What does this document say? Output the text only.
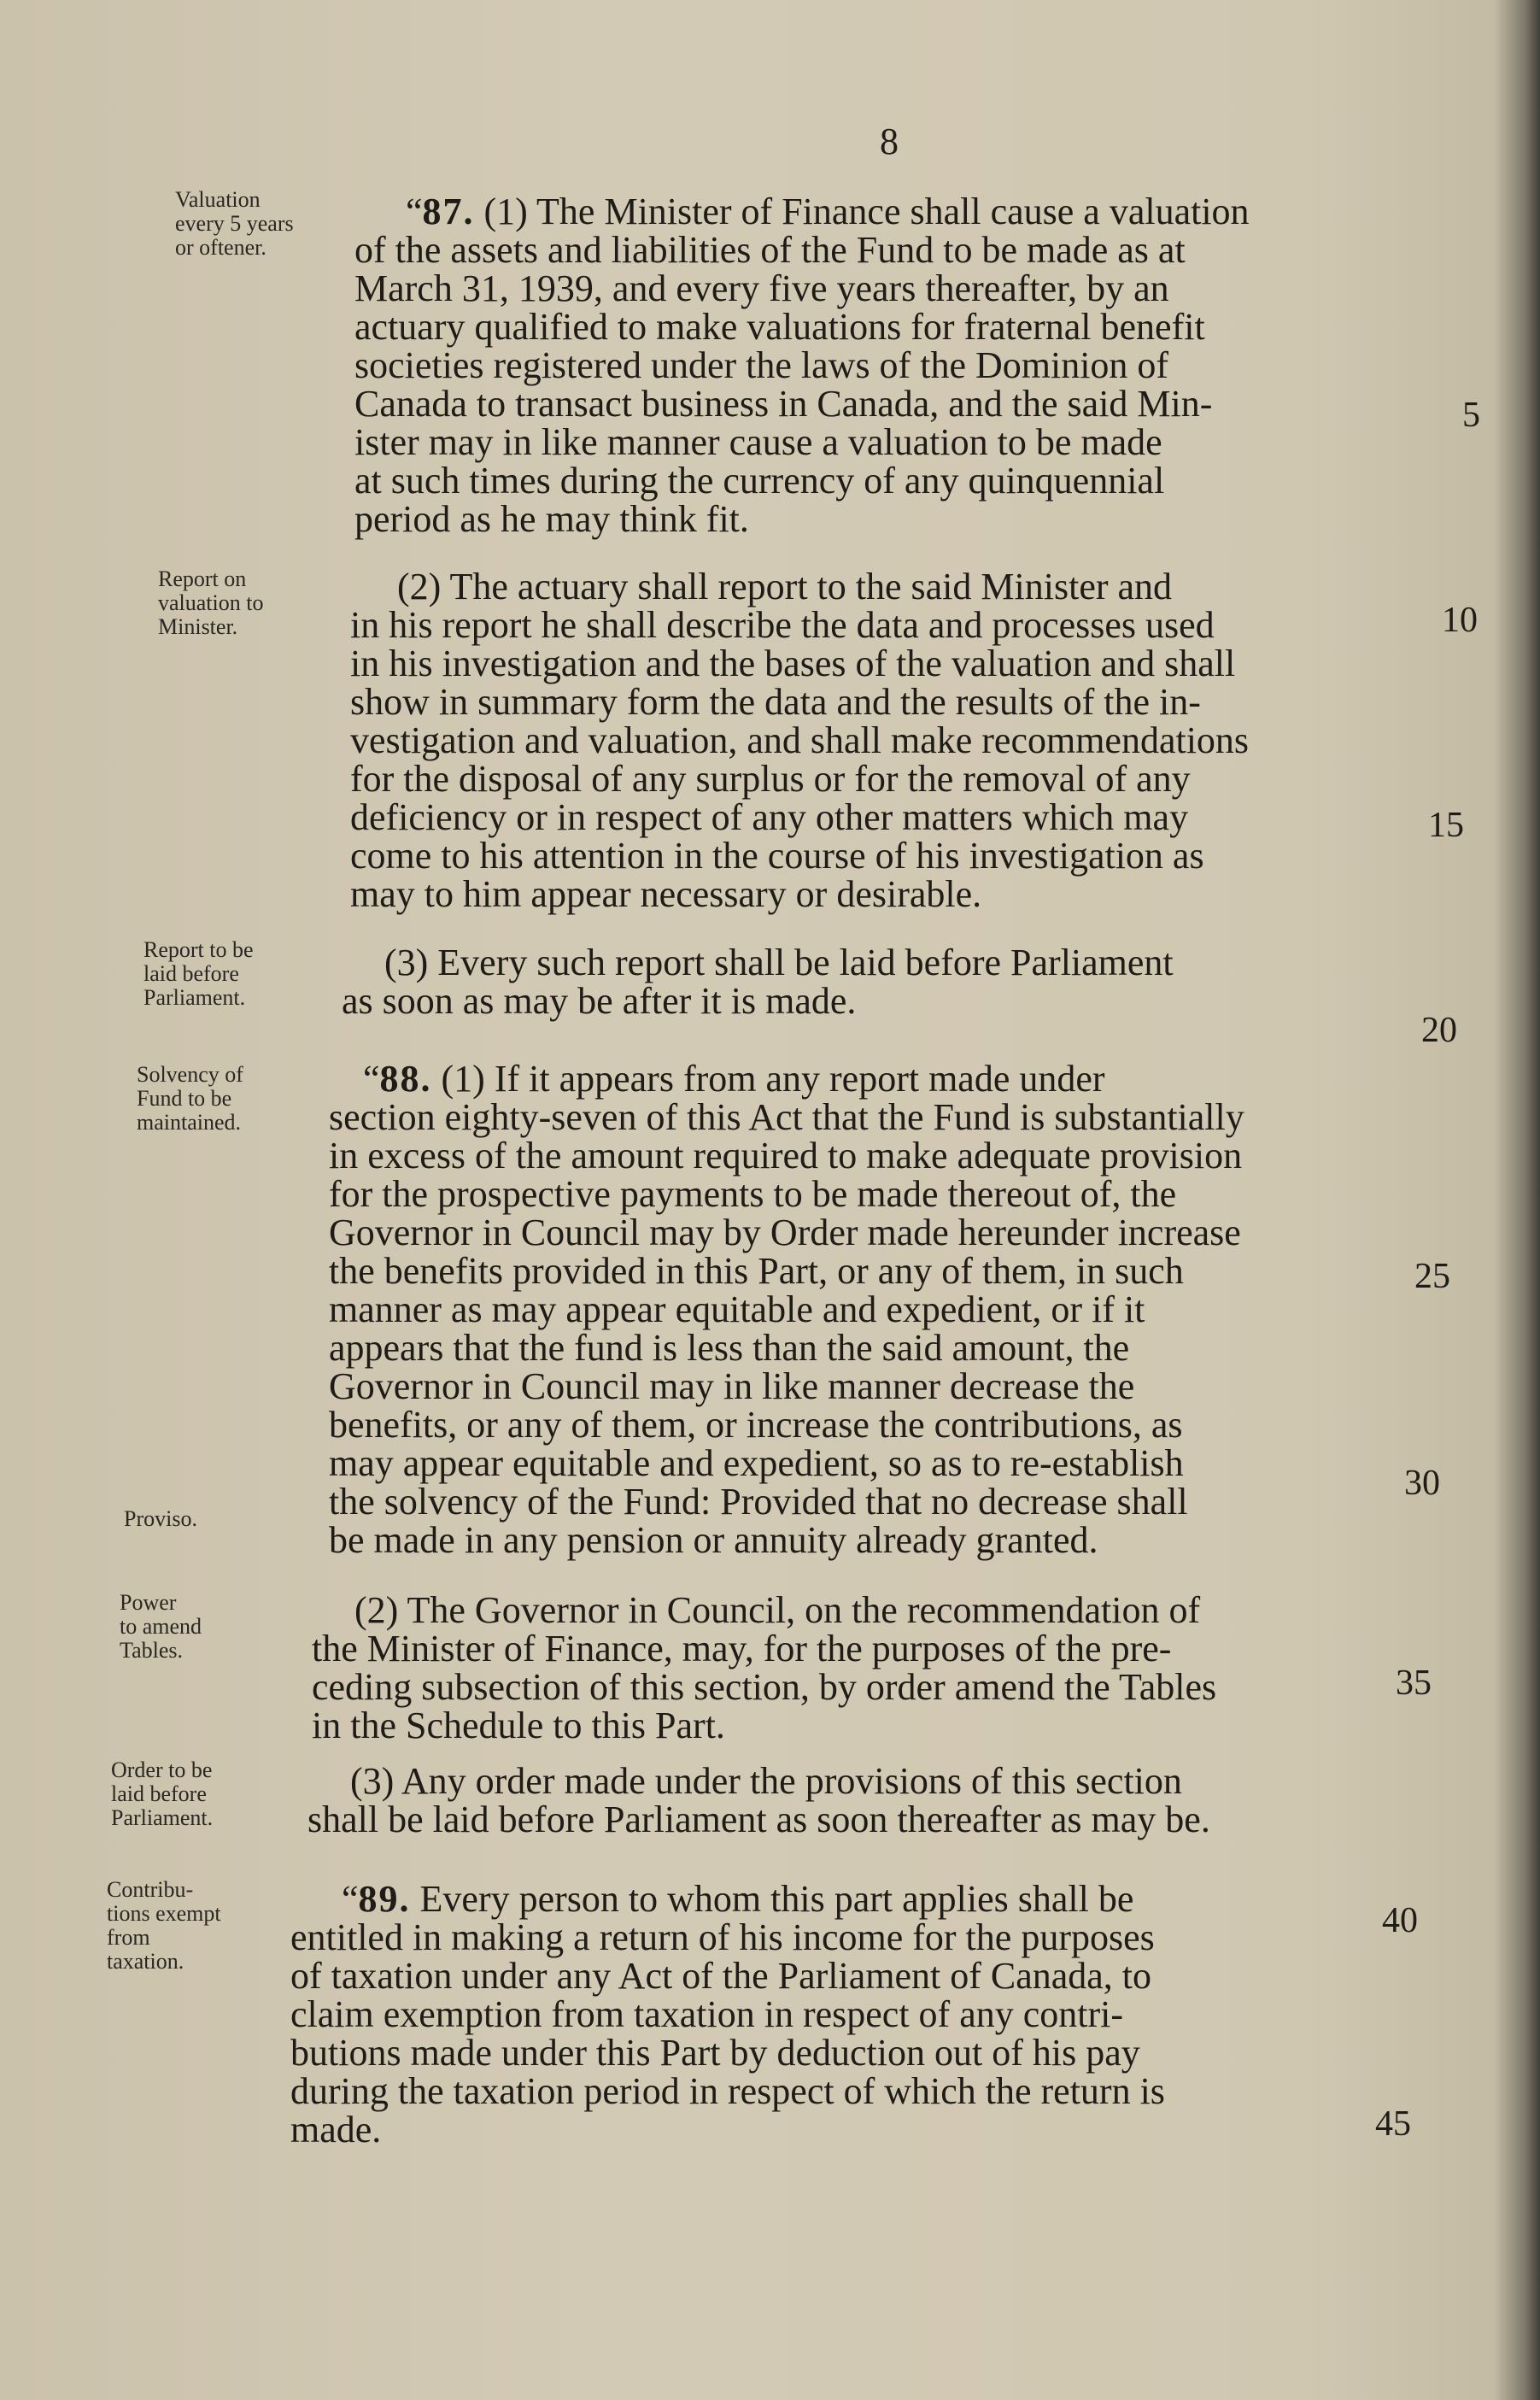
8
Valuation
every 5 years
or oftener.
Report on
valuation to
Minister.
Report to be
laid before
Parliament.
Solvency of
Fund to be
maintained.
Proviso.
Power
to amend
Tables.
Order to be
laid before
Parliament.
Contribu-
tions exempt
from
taxation.
“87. (1) The Minister of Finance shall cause a valuation
of the assets and liabilities of the Fund to be made as at
March 31, 1939, and every five years thereafter, by an
actuary qualified to make valuations for fraternal benefit
societies registered under the laws of the Dominion of
Canada to transact business in Canada, and the said Min-
ister may in like manner cause a valuation to be made
at such times during the currency of any quinquennial
period as he may think fit.
(2) The actuary shall report to the said Minister and
in his report he shall describe the data and processes used
in his investigation and the bases of the valuation and shall
show in summary form the data and the results of the in-
vestigation and valuation, and shall make recommendations
for the disposal of any surplus or for the removal of any
deficiency or in respect of any other matters which may
come to his attention in the course of his investigation as
may to him appear necessary or desirable.
(3) Every such report shall be laid before Parliament
as soon as may be after it is made.
“88. (1) If it appears from any report made under
section eighty-seven of this Act that the Fund is substantially
in excess of the amount required to make adequate provision
for the prospective payments to be made thereout of, the
Governor in Council may by Order made hereunder increase
the benefits provided in this Part, or any of them, in such
manner as may appear equitable and expedient, or if it
appears that the fund is less than the said amount, the
Governor in Council may in like manner decrease the
benefits, or any of them, or increase the contributions, as
may appear equitable and expedient, so as to re-establish
the solvency of the Fund: Provided that no decrease shall
be made in any pension or annuity already granted.
(2) The Governor in Council, on the recommendation of
the Minister of Finance, may, for the purposes of the pre-
ceding subsection of this section, by order amend the Tables
in the Schedule to this Part.
(3) Any order made under the provisions of this section
shall be laid before Parliament as soon thereafter as may be.
“89. Every person to whom this part applies shall be
entitled in making a return of his income for the purposes
of taxation under any Act of the Parliament of Canada, to
claim exemption from taxation in respect of any contri-
butions made under this Part by deduction out of his pay
during the taxation period in respect of which the return is
made.
5
10
15
20
25
30
35
40
45
